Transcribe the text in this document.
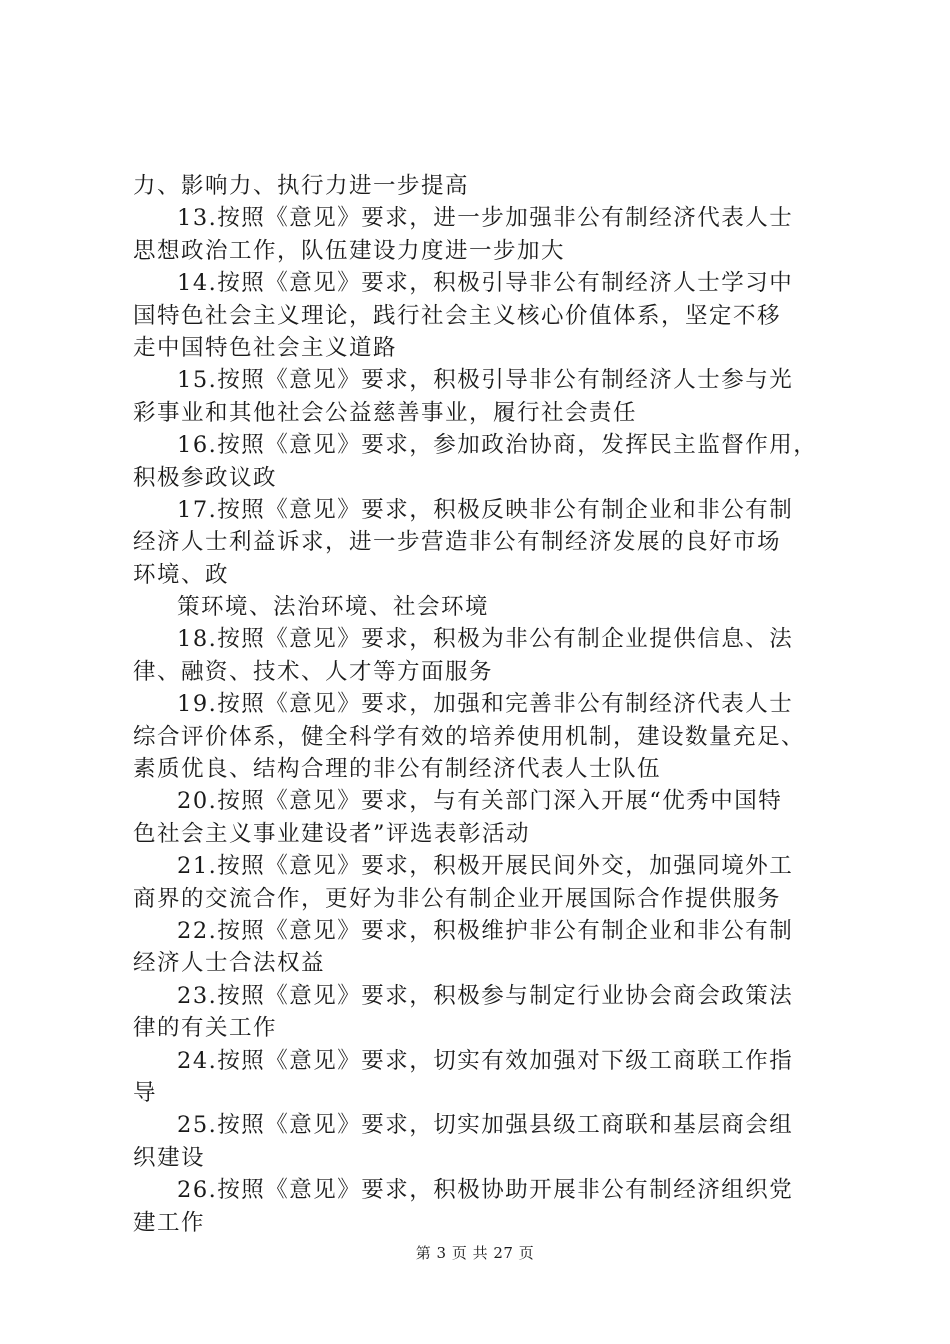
力、影响力、执行力进一步提高
13.按照《意见》要求，进一步加强非公有制经济代表人士
思想政治工作，队伍建设力度进一步加大
14.按照《意见》要求，积极引导非公有制经济人士学习中
国特色社会主义理论，践行社会主义核心价值体系，坚定不移
走中国特色社会主义道路
15.按照《意见》要求，积极引导非公有制经济人士参与光
彩事业和其他社会公益慈善事业，履行社会责任
16.按照《意见》要求，参加政治协商，发挥民主监督作用，
积极参政议政
17.按照《意见》要求，积极反映非公有制企业和非公有制
经济人士利益诉求，进一步营造非公有制经济发展的良好市场
环境、政
策环境、法治环境、社会环境
18.按照《意见》要求，积极为非公有制企业提供信息、法
律、融资、技术、人才等方面服务
19.按照《意见》要求，加强和完善非公有制经济代表人士
综合评价体系，健全科学有效的培养使用机制，建设数量充足、
素质优良、结构合理的非公有制经济代表人士队伍
20.按照《意见》要求，与有关部门深入开展“优秀中国特
色社会主义事业建设者”评选表彰活动
21.按照《意见》要求，积极开展民间外交，加强同境外工
商界的交流合作，更好为非公有制企业开展国际合作提供服务
22.按照《意见》要求，积极维护非公有制企业和非公有制
经济人士合法权益
23.按照《意见》要求，积极参与制定行业协会商会政策法
律的有关工作
24.按照《意见》要求，切实有效加强对下级工商联工作指
导
25.按照《意见》要求，切实加强县级工商联和基层商会组
织建设
26.按照《意见》要求，积极协助开展非公有制经济组织党
建工作
第 3 页 共 27 页
